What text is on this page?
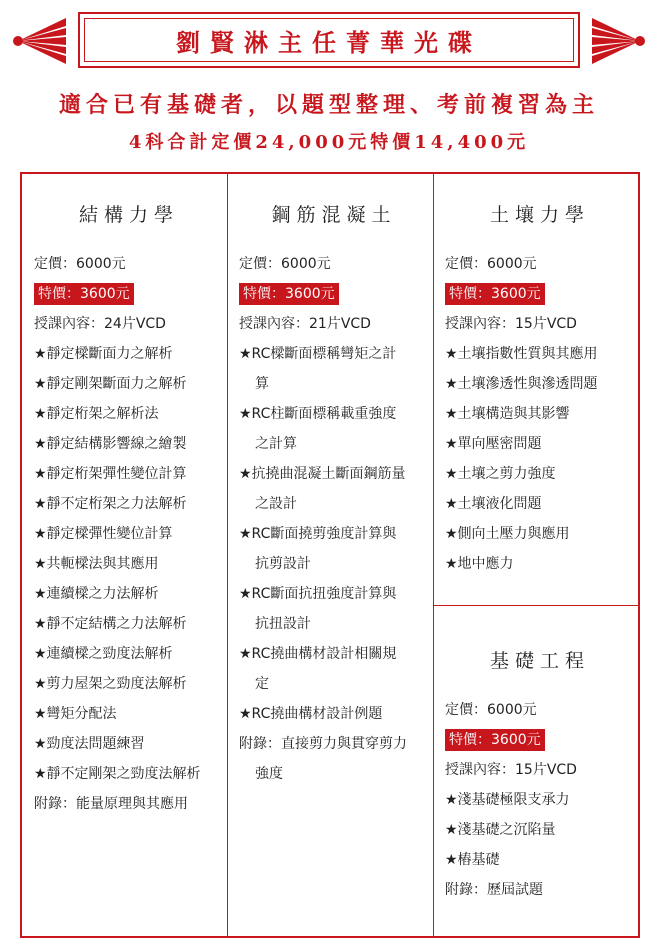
劉賢淋主任菁華光碟
適合已有基礎者，以題型整理、考前複習為主
4科合計定價24,000元特價14,400元
結構力學
定價：6000元
特價：3600元
授課內容：24片VCD
★靜定樑斷面力之解析
★靜定剛架斷面力之解析
★靜定桁架之解析法
★靜定結構影響線之繪製
★靜定桁架彈性變位計算
★靜不定桁架之力法解析
★靜定樑彈性變位計算
★共軛樑法與其應用
★連續樑之力法解析
★靜不定結構之力法解析
★連續樑之勁度法解析
★剪力屋架之勁度法解析
★彎矩分配法
★勁度法問題練習
★靜不定剛架之勁度法解析
附錄：能量原理與其應用
鋼筋混凝土
定價：6000元
特價：3600元
授課內容：21片VCD
★RC樑斷面標稱彎矩之計
算
★RC柱斷面標稱載重強度
之計算
★抗撓曲混凝土斷面鋼筋量
之設計
★RC斷面撓剪強度計算與
抗剪設計
★RC斷面抗扭強度計算與
抗扭設計
★RC撓曲構材設計相關規
定
★RC撓曲構材設計例題
附錄：直接剪力與貫穿剪力
強度
土壤力學
定價：6000元
特價：3600元
授課內容：15片VCD
★土壤指數性質與其應用
★土壤滲透性與滲透問題
★土壤構造與其影響
★單向壓密問題
★土壤之剪力強度
★土壤液化問題
★側向土壓力與應用
★地中應力
基礎工程
定價：6000元
特價：3600元
授課內容：15片VCD
★淺基礎極限支承力
★淺基礎之沉陷量
★樁基礎
附錄：歷屆試題
